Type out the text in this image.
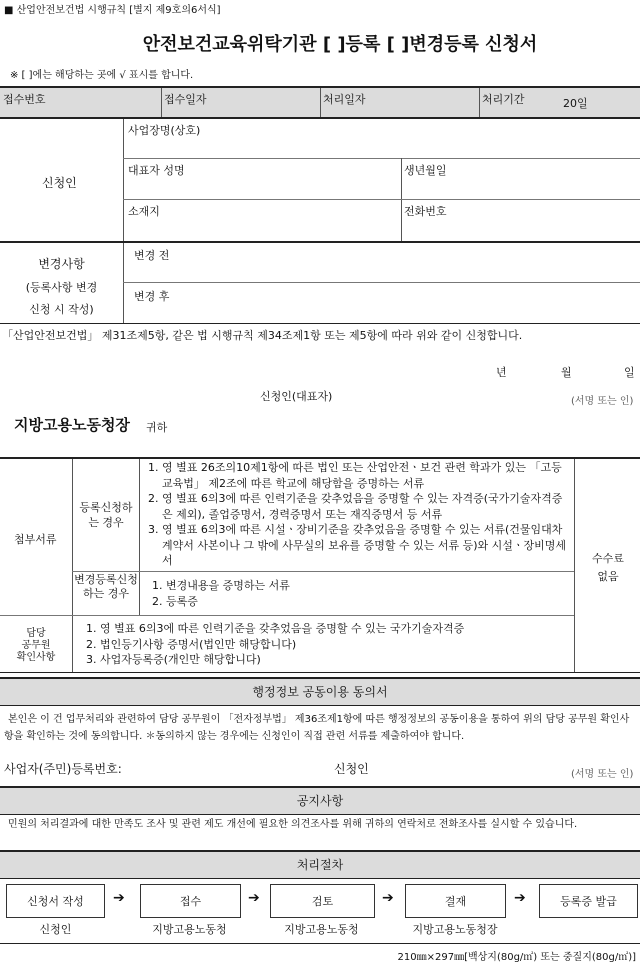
■ 산업안전보건법 시행규칙 [별지 제9호의6서식]
안전보건교육위탁기관 [ ]등록 [ ]변경등록 신청서
※ [ ]에는 해당하는 곳에 √ 표시를 합니다.
접수번호	접수일자	처리일자	처리기간	20일
신청인
사업장명(상호)
대표자 성명	생년월일
소재지	전화번호
변경사항
(등록사항 변경
신청 시 작성)
변경 전
변경 후
「산업안전보건법」 제31조제5항, 같은 법 시행규칙 제34조제1항 또는 제5항에 따라 위와 같이 신청합니다.
년	월	일
신청인(대표자)	(서명 또는 인)
지방고용노동청장 귀하
첨부서류
등록신청하는 경우
1. 영 별표 26조의10제1항에 따른 법인 또는 산업안전ㆍ보건 관련 학과가 있는 「고등교육법」 제2조에 따른 학교에 해당함을 증명하는 서류
2. 영 별표 6의3에 따른 인력기준을 갖추었음을 증명할 수 있는 자격증(국가기술자격증은 제외), 졸업증명서, 경력증명서 또는 재직증명서 등 서류
3. 영 별표 6의3에 따른 시설ㆍ장비기준을 갖추었음을 증명할 수 있는 서류(건물임대차계약서 사본이나 그 밖에 사무실의 보유를 증명할 수 있는 서류 등)와 시설ㆍ장비명세서
변경등록신청하는 경우
1. 변경내용을 증명하는 서류
2. 등록증
수수료
없음
담당
공무원
확인사항
1. 영 별표 6의3에 따른 인력기준을 갖추었음을 증명할 수 있는 국가기술자격증
2. 법인등기사항 증명서(법인만 해당합니다)
3. 사업자등록증(개인만 해당합니다)
행정정보 공동이용 동의서
본인은 이 건 업무처리와 관련하여 담당 공무원이 「전자정부법」 제36조제1항에 따른 행정정보의 공동이용을 통하여 위의 담당 공무원 확인사항을 확인하는 것에 동의합니다. ＊동의하지 않는 경우에는 신청인이 직접 관련 서류를 제출하여야 합니다.
사업자(주민)등록번호:	신청인	(서명 또는 인)
공지사항
민원의 처리결과에 대한 만족도 조사 및 관련 제도 개선에 필요한 의견조사를 위해 귀하의 연락처로 전화조사를 실시할 수 있습니다.
처리절차
신청서 작성 ➔	접수	➔	검토	➔	결재	➔	등록증 발급
신청인	지방고용노동청	지방고용노동청	지방고용노동청장
210㎜×297㎜[백상지(80g/㎡) 또는 중질지(80g/㎡)]
